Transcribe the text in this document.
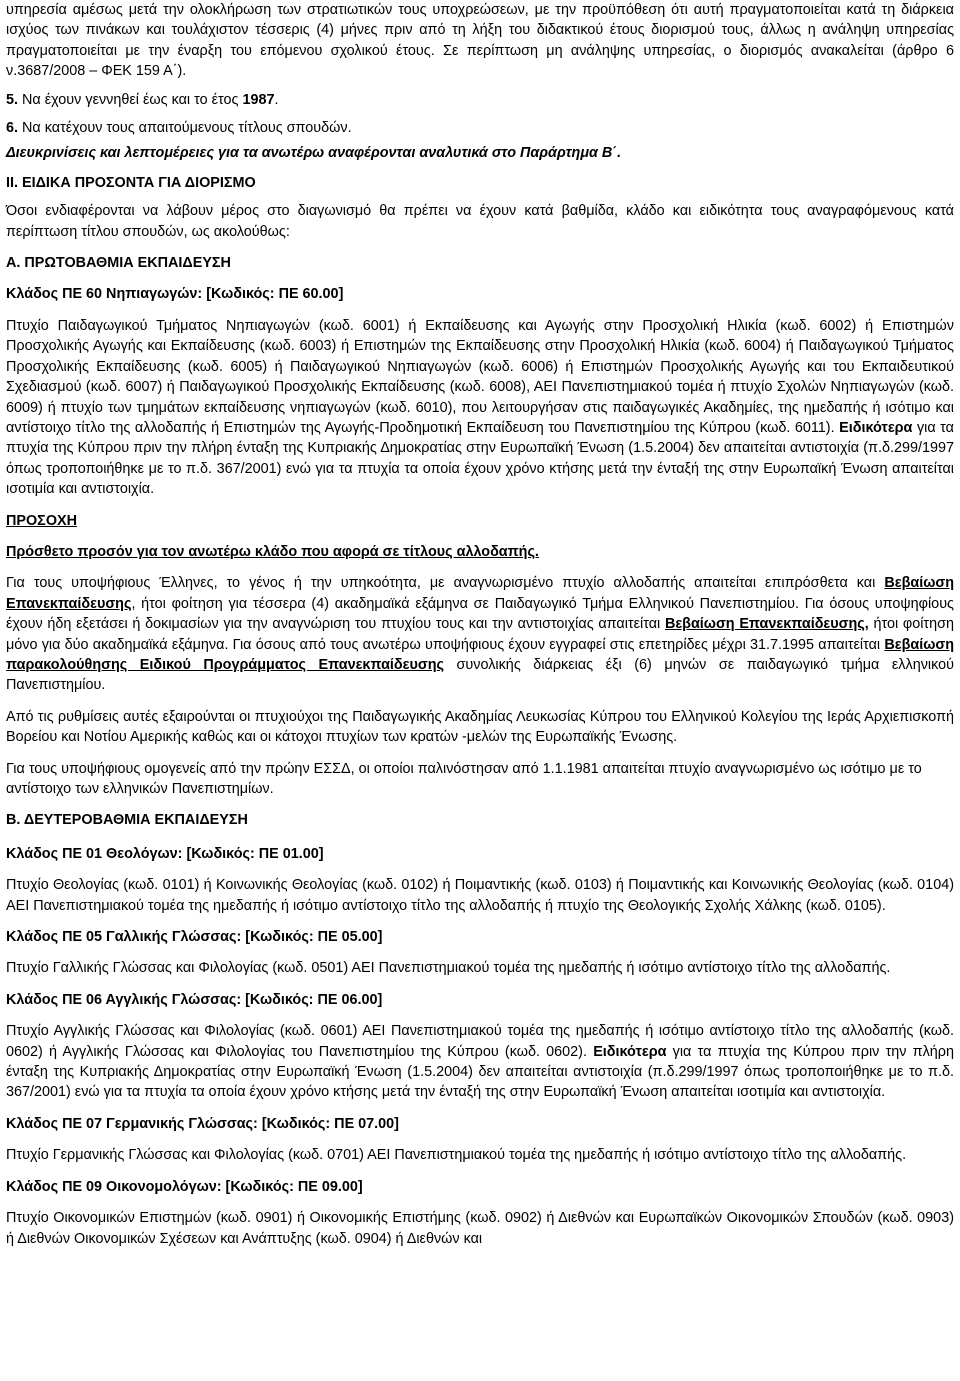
υπηρεσία αμέσως μετά την ολοκλήρωση των στρατιωτικών τους υποχρεώσεων, με την προϋπόθεση ότι αυτή πραγματοποιείται κατά τη διάρκεια ισχύος των πινάκων και τουλάχιστον τέσσερις (4) μήνες πριν από τη λήξη του διδακτικού έτους διορισμού τους, άλλως η ανάληψη υπηρεσίας πραγματοποιείται με την έναρξη του επόμενου σχολικού έτους. Σε περίπτωση μη ανάληψης υπηρεσίας, ο διορισμός ανακαλείται (άρθρο 6 ν.3687/2008 – ΦΕΚ 159 Α΄).

5. Να έχουν γεννηθεί έως και το έτος 1987.

6. Να κατέχουν τους απαιτούμενους τίτλους σπουδών.

Διευκρινίσεις και λεπτομέρειες για τα ανωτέρω αναφέρονται αναλυτικά στο Παράρτημα Β΄.

ΙΙ. ΕΙΔΙΚΑ ΠΡΟΣΟΝΤΑ ΓΙΑ ΔΙΟΡΙΣΜΟ

Όσοι ενδιαφέρονται να λάβουν μέρος στο διαγωνισμό θα πρέπει να έχουν κατά βαθμίδα, κλάδο και ειδικότητα τους αναγραφόμενους κατά περίπτωση τίτλου σπουδών, ως ακολούθως:

Α. ΠΡΩΤΟΒΑΘΜΙΑ ΕΚΠΑΙΔΕΥΣΗ

Κλάδος ΠΕ 60 Νηπιαγωγών: [Κωδικός: ΠΕ 60.00]

Πτυχίο Παιδαγωγικού Τμήματος Νηπιαγωγών (κωδ. 6001) ή Εκπαίδευσης και Αγωγής στην Προσχολική Ηλικία (κωδ. 6002) ή Επιστημών Προσχολικής Αγωγής και Εκπαίδευσης (κωδ. 6003) ή Επιστημών της Εκπαίδευσης στην Προσχολική Ηλικία (κωδ. 6004) ή Παιδαγωγικού Τμήματος Προσχολικής Εκπαίδευσης (κωδ. 6005) ή Παιδαγωγικού Νηπιαγωγών (κωδ. 6006) ή Επιστημών Προσχολικής Αγωγής και του Εκπαιδευτικού Σχεδιασμού (κωδ. 6007) ή Παιδαγωγικού Προσχολικής Εκπαίδευσης (κωδ. 6008), ΑΕΙ Πανεπιστημιακού τομέα ή πτυχίο Σχολών Νηπιαγωγών (κωδ. 6009) ή πτυχίο των τμημάτων εκπαίδευσης νηπιαγωγών (κωδ. 6010), που λειτουργήσαν στις παιδαγωγικές Ακαδημίες, της ημεδαπής ή ισότιμο και αντίστοιχο τίτλο της αλλοδαπής ή Επιστημών της Αγωγής-Προδημοτική Εκπαίδευση του Πανεπιστημίου της Κύπρου (κωδ. 6011). Ειδικότερα για τα πτυχία της Κύπρου πριν την πλήρη ένταξη της Κυπριακής Δημοκρατίας στην Ευρωπαϊκή Ένωση (1.5.2004) δεν απαιτείται αντιστοιχία (π.δ.299/1997 όπως τροποποιήθηκε με το π.δ. 367/2001) ενώ για τα πτυχία τα οποία έχουν χρόνο κτήσης μετά την ένταξή της στην Ευρωπαϊκή Ένωση απαιτείται ισοτιμία και αντιστοιχία.

ΠΡΟΣΟΧΗ

Πρόσθετο προσόν για τον ανωτέρω κλάδο που αφορά σε τίτλους αλλοδαπής.

Για τους υποψήφιους Έλληνες, το γένος ή την υπηκοότητα, με αναγνωρισμένο πτυχίο αλλοδαπής απαιτείται επιπρόσθετα και Βεβαίωση Επανεκπαίδευσης, ήτοι φοίτηση για τέσσερα (4) ακαδημαϊκά εξάμηνα σε Παιδαγωγικό Τμήμα Ελληνικού Πανεπιστημίου. Για όσους υποψηφίους έχουν ήδη εξετάσει ή δοκιμασίων για την αναγνώριση του πτυχίου τους και την αντιστοιχίας απαιτείται Βεβαίωση Επανεκπαίδευσης, ήτοι φοίτηση μόνο για δύο ακαδημαϊκά εξάμηνα. Για όσους από τους ανωτέρω υποψήφιους έχουν εγγραφεί στις επετηρίδες μέχρι 31.7.1995 απαιτείται Βεβαίωση παρακολούθησης Ειδικού Προγράμματος Επανεκπαίδευσης συνολικής διάρκειας έξι (6) μηνών σε παιδαγωγικό τμήμα ελληνικού Πανεπιστημίου.

Από τις ρυθμίσεις αυτές εξαιρούνται οι πτυχιούχοι της Παιδαγωγικής Ακαδημίας Λευκωσίας Κύπρου του Ελληνικού Κολεγίου της Ιεράς Αρχιεπισκοπή Βορείου και Νοτίου Αμερικής καθώς και οι κάτοχοι πτυχίων των κρατών -μελών της Ευρωπαϊκής Ένωσης.

Για τους υποψήφιους ομογενείς από την πρώην ΕΣΣΔ, οι οποίοι παλινόστησαν από 1.1.1981 απαιτείται πτυχίο αναγνωρισμένο ως ισότιμο με το αντίστοιχο των ελληνικών Πανεπιστημίων.

Β. ΔΕΥΤΕΡΟΒΑΘΜΙΑ ΕΚΠΑΙΔΕΥΣΗ

Κλάδος ΠΕ 01 Θεολόγων: [Κωδικός: ΠΕ 01.00]

Πτυχίο Θεολογίας (κωδ. 0101) ή Κοινωνικής Θεολογίας (κωδ. 0102) ή Ποιμαντικής (κωδ. 0103) ή Ποιμαντικής και Κοινωνικής Θεολογίας (κωδ. 0104) ΑΕΙ Πανεπιστημιακού τομέα της ημεδαπής ή ισότιμο αντίστοιχο τίτλο της αλλοδαπής ή πτυχίο της Θεολογικής Σχολής Χάλκης (κωδ. 0105).

Κλάδος ΠΕ 05 Γαλλικής Γλώσσας: [Κωδικός: ΠΕ 05.00]

Πτυχίο Γαλλικής Γλώσσας και Φιλολογίας (κωδ. 0501) ΑΕΙ Πανεπιστημιακού τομέα της ημεδαπής ή ισότιμο αντίστοιχο τίτλο της αλλοδαπής.

Κλάδος ΠΕ 06 Αγγλικής Γλώσσας: [Κωδικός: ΠΕ 06.00]

Πτυχίο Αγγλικής Γλώσσας και Φιλολογίας (κωδ. 0601) ΑΕΙ Πανεπιστημιακού τομέα της ημεδαπής ή ισότιμο αντίστοιχο τίτλο της αλλοδαπής (κωδ. 0602) ή Αγγλικής Γλώσσας και Φιλολογίας του Πανεπιστημίου της Κύπρου (κωδ. 0602). Ειδικότερα για τα πτυχία της Κύπρου πριν την πλήρη ένταξη της Κυπριακής Δημοκρατίας στην Ευρωπαϊκή Ένωση (1.5.2004) δεν απαιτείται αντιστοιχία (π.δ.299/1997 όπως τροποποιήθηκε με το π.δ. 367/2001) ενώ για τα πτυχία τα οποία έχουν χρόνο κτήσης μετά την ένταξή της στην Ευρωπαϊκή Ένωση απαιτείται ισοτιμία και αντιστοιχία.

Κλάδος ΠΕ 07 Γερμανικής Γλώσσας: [Κωδικός: ΠΕ 07.00]

Πτυχίο Γερμανικής Γλώσσας και Φιλολογίας (κωδ. 0701) ΑΕΙ Πανεπιστημιακού τομέα της ημεδαπής ή ισότιμο αντίστοιχο τίτλο της αλλοδαπής.

Κλάδος ΠΕ 09 Οικονομολόγων: [Κωδικός: ΠΕ 09.00]

Πτυχίο Οικονομικών Επιστημών (κωδ. 0901) ή Οικονομικής Επιστήμης (κωδ. 0902) ή Διεθνών και Ευρωπαϊκών Οικονομικών Σπουδών (κωδ. 0903) ή Διεθνών Οικονομικών Σχέσεων και Ανάπτυξης (κωδ. 0904) ή Διεθνών και
